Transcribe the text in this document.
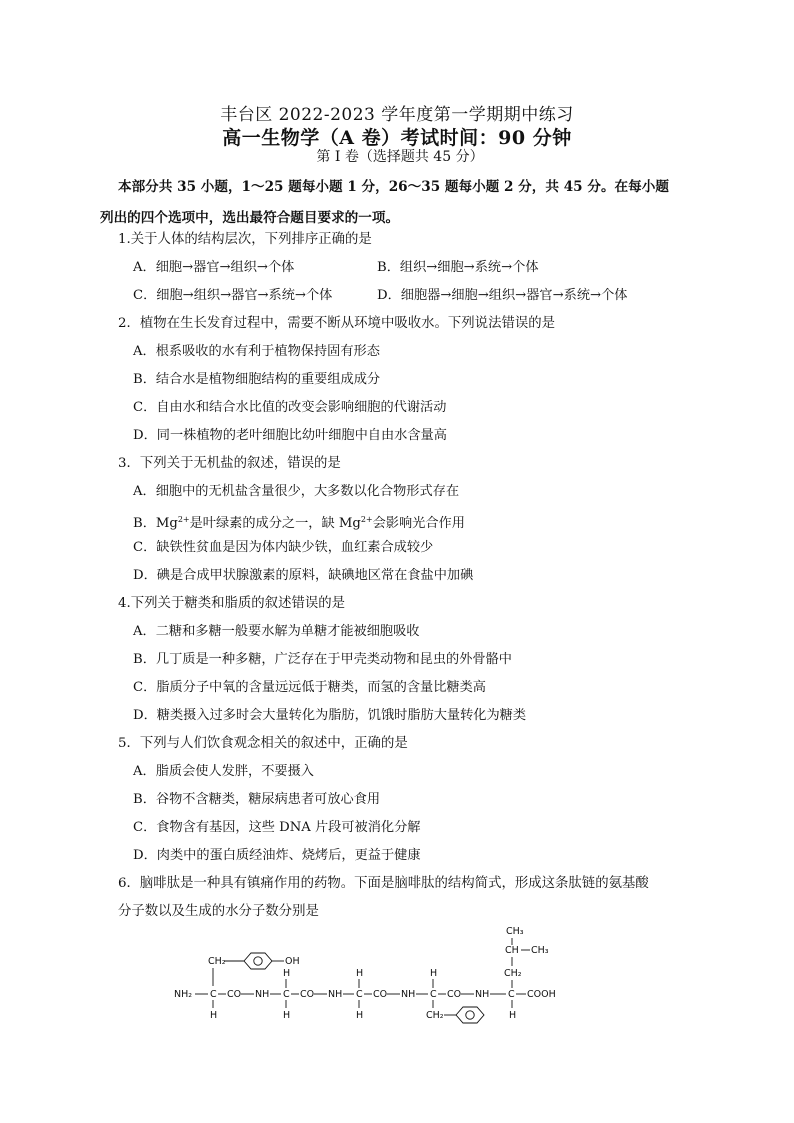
丰台区 2022-2023 学年度第一学期期中练习
高一生物学（A 卷）考试时间：90 分钟
第 I 卷（选择题共 45 分）
本部分共 35 小题，1～25 题每小题 1 分，26～35 题每小题 2 分，共 45 分。在每小题
列出的四个选项中，选出最符合题目要求的一项。
1.关于人体的结构层次，下列排序正确的是
A．细胞→器官→组织→个体	B．组织→细胞→系统→个体
C．细胞→组织→器官→系统→个体	D．细胞器→细胞→组织→器官→系统→个体
2．植物在生长发育过程中，需要不断从环境中吸收水。下列说法错误的是
A．根系吸收的水有利于植物保持固有形态
B．结合水是植物细胞结构的重要组成成分
C．自由水和结合水比值的改变会影响细胞的代谢活动
D．同一株植物的老叶细胞比幼叶细胞中自由水含量高
3．下列关于无机盐的叙述，错误的是
A．细胞中的无机盐含量很少，大多数以化合物形式存在
B．$Mg^{2+}$是叶绿素的成分之一，缺 $Mg^{2+}$会影响光合作用
C．缺铁性贫血是因为体内缺少铁，血红素合成较少
D．碘是合成甲状腺激素的原料，缺碘地区常在食盐中加碘
4.下列关于糖类和脂质的叙述错误的是
A．二糖和多糖一般要水解为单糖才能被细胞吸收
B．几丁质是一种多糖，广泛存在于甲壳类动物和昆虫的外骨骼中
C．脂质分子中氧的含量远远低于糖类，而氢的含量比糖类高
D．糖类摄入过多时会大量转化为脂肪，饥饿时脂肪大量转化为糖类
5．下列与人们饮食观念相关的叙述中，正确的是
A．脂质会使人发胖，不要摄入
B．谷物不含糖类，糖尿病患者可放心食用
C．食物含有基因，这些 DNA 片段可被消化分解
D．肉类中的蛋白质经油炸、烧烤后，更益于健康
6．脑啡肽是一种具有镇痛作用的药物。下面是脑啡肽的结构简式，形成这条肽链的氨基酸
分子数以及生成的水分子数分别是
CH₂	OH
CH₃
CH CH₃
CH₂
H	H	H
NH₂ C CO NH C CO NH C CO NH C CO NH C COOH
H	H	H	CH₂	H
